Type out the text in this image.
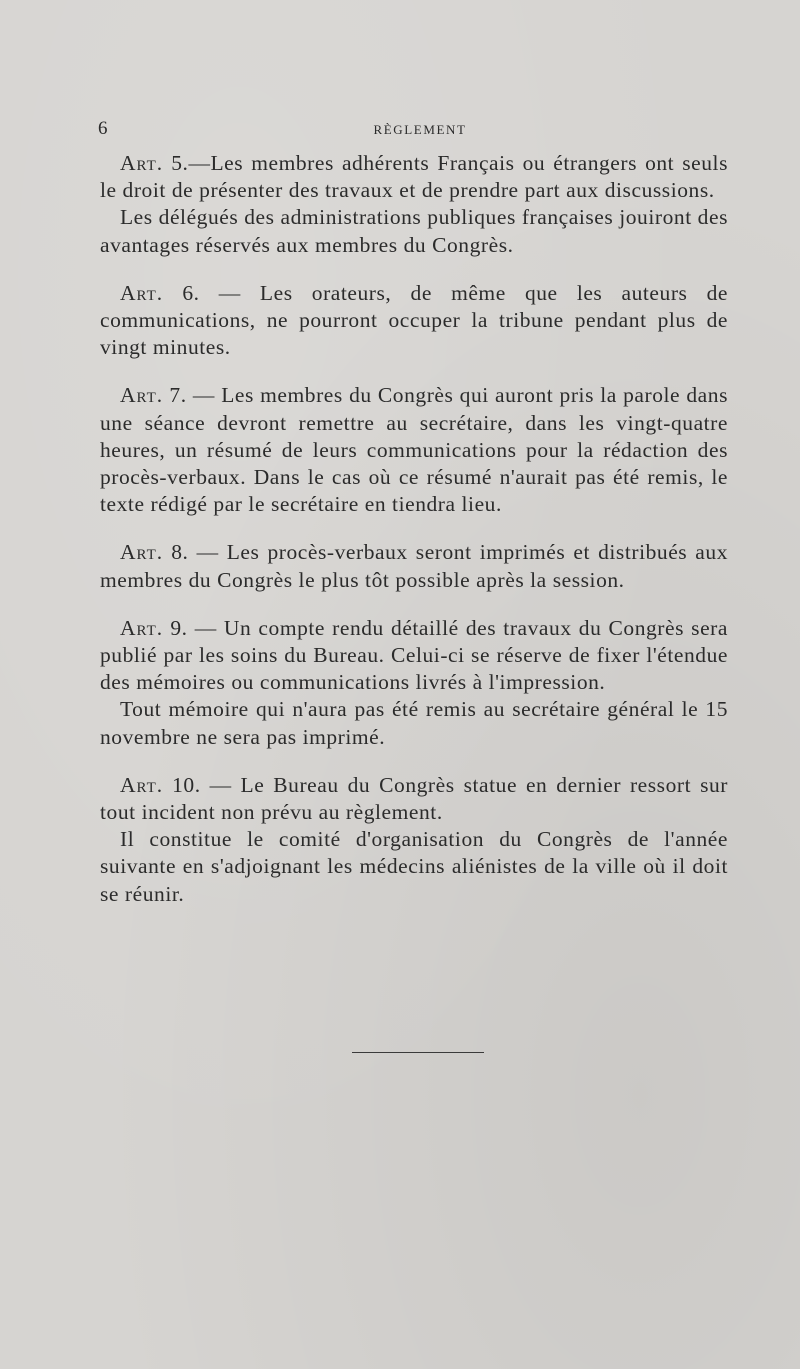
6	RÈGLEMENT

Art. 5.—Les membres adhérents Français ou étrangers ont seuls le droit de présenter des travaux et de prendre part aux discussions.

Les délégués des administrations publiques françaises jouiront des avantages réservés aux membres du Congrès.

Art. 6. — Les orateurs, de même que les auteurs de communications, ne pourront occuper la tribune pendant plus de vingt minutes.

Art. 7. — Les membres du Congrès qui auront pris la parole dans une séance devront remettre au secrétaire, dans les vingt-quatre heures, un résumé de leurs communications pour la rédaction des procès-verbaux. Dans le cas où ce résumé n'aurait pas été remis, le texte rédigé par le secrétaire en tiendra lieu.

Art. 8. — Les procès-verbaux seront imprimés et distribués aux membres du Congrès le plus tôt possible après la session.

Art. 9. — Un compte rendu détaillé des travaux du Congrès sera publié par les soins du Bureau. Celui-ci se réserve de fixer l'étendue des mémoires ou communications livrés à l'impression.

Tout mémoire qui n'aura pas été remis au secrétaire général le 15 novembre ne sera pas imprimé.

Art. 10. — Le Bureau du Congrès statue en dernier ressort sur tout incident non prévu au règlement.

Il constitue le comité d'organisation du Congrès de l'année suivante en s'adjoignant les médecins aliénistes de la ville où il doit se réunir.
